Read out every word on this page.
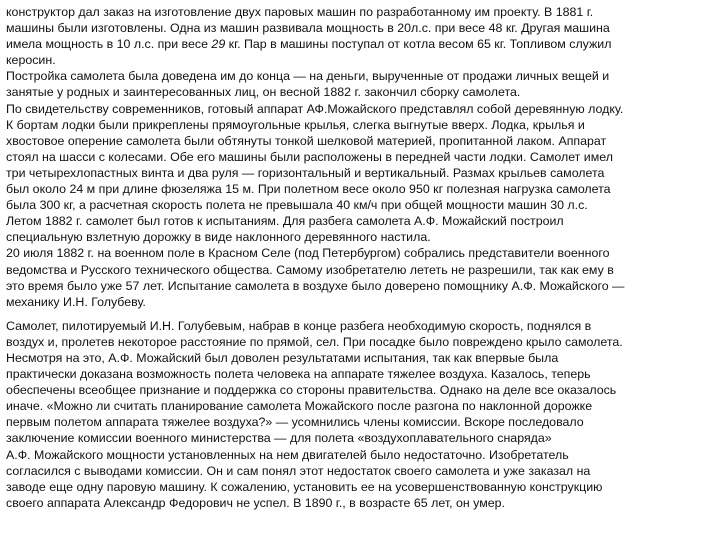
конструктор дал заказ на изготовление двух паровых машин по разработанному им проекту. В 1881 г.
машины были изготовлены. Одна из машин развивала мощность в 20л.с. при весе 48 кг. Другая машина
имела мощность в 10 л.с. при весе 29 кг. Пар в машины поступал от котла весом 65 кг. Топливом служил
керосин.

Постройка самолета была доведена им до конца — на деньги, вырученные от продажи личных вещей и
занятые у родных и заинтересованных лиц, он весной 1882 г. закончил сборку самолета.

По свидетельству современников, готовый аппарат АФ.Можайского представлял собой деревянную лодку.
К бортам лодки были прикреплены прямоугольные крылья, слегка выгнутые вверх. Лодка, крылья и
хвостовое оперение самолета были обтянуты тонкой шелковой материей, пропитанной лаком. Аппарат
стоял на шасси с колесами. Обе его машины были расположены в передней части лодки. Самолет имел
три четырехлопастных винта и два руля — горизонтальный и вертикальный. Размах крыльев самолета
был около 24 м при длине фюзеляжа 15 м. При полетном весе около 950 кг полезная нагрузка самолета
была 300 кг, а расчетная скорость полета не превышала 40 км/ч при общей мощности машин 30 л.с.
Летом 1882 г. самолет был готов к испытаниям. Для разбега самолета А.Ф. Можайский построил
специальную взлетную дорожку в виде наклонного деревянного настила.

20 июля 1882 г. на военном поле в Красном Селе (под Петербургом) собрались представители военного
ведомства и Русского технического общества. Самому изобретателю лететь не разрешили, так как ему в
это время было уже 57 лет. Испытание самолета в воздухе было доверено помощнику А.Ф. Можайского —
механику И.Н. Голубеву.

Самолет, пилотируемый И.Н. Голубевым, набрав в конце разбега необходимую скорость, поднялся в
воздух и, пролетев некоторое расстояние по прямой, сел. При посадке было повреждено крыло самолета.
Несмотря на это, А.Ф. Можайский был доволен результатами испытания, так как впервые была
практически доказана возможность полета человека на аппарате тяжелее воздуха. Казалось, теперь
обеспечены всеобщее признание и поддержка со стороны правительства. Однако на деле все оказалось
иначе. «Можно ли считать планирование самолета Можайского после разгона по наклонной дорожке
первым полетом аппарата тяжелее воздуха?» — усомнились члены комиссии. Вскоре последовало
заключение комиссии военного министерства — для полета «воздухоплавательного снаряда»
А.Ф. Можайского мощности установленных на нем двигателей было недостаточно. Изобретатель
согласился с выводами комиссии. Он и сам понял этот недостаток своего самолета и уже заказал на
заводе еще одну паровую машину. К сожалению, установить ее на усовершенствованную конструкцию
своего аппарата Александр Федорович не успел. В 1890 г., в возрасте 65 лет, он умер.
